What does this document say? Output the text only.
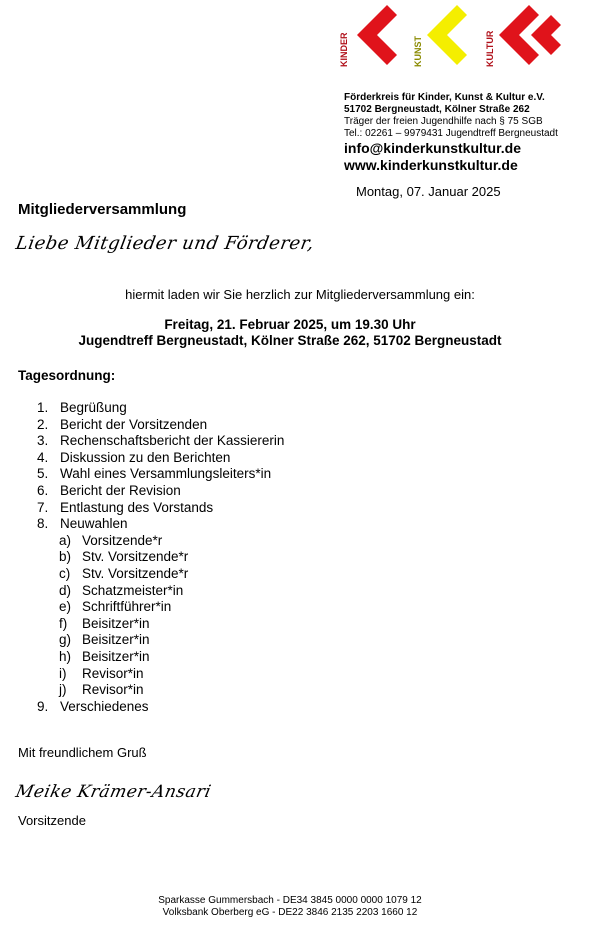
KINDER	KUNST	KULTUR
Förderkreis für Kinder, Kunst & Kultur e.V.
51702 Bergneustadt, Kölner Straße 262
Träger der freien Jugendhilfe nach § 75 SGB
Tel.: 02261 – 9979431 Jugendtreff Bergneustadt
info@kinderkunstkultur.de
www.kinderkunstkultur.de
Montag, 07. Januar 2025
Mitgliederversammlung
Liebe Mitglieder und Förderer,
hiermit laden wir Sie herzlich zur Mitgliederversammlung ein:
Freitag, 21. Februar 2025, um 19.30 Uhr
Jugendtreff Bergneustadt, Kölner Straße 262, 51702 Bergneustadt
Tagesordnung:
1. Begrüßung
2. Bericht der Vorsitzenden
3. Rechenschaftsbericht der Kassiererin
4. Diskussion zu den Berichten
5. Wahl eines Versammlungsleiters*in
6. Bericht der Revision
7. Entlastung des Vorstands
8. Neuwahlen
a) Vorsitzende*r
b) Stv. Vorsitzende*r
c) Stv. Vorsitzende*r
d) Schatzmeister*in
e) Schriftführer*in
f)	Beisitzer*in
g) Beisitzer*in
h) Beisitzer*in
i)	Revisor*in
j)	Revisor*in
9. Verschiedenes
Mit freundlichem Gruß
Meike Krämer-Ansari
Vorsitzende
Sparkasse Gummersbach - DE34 3845 0000 0000 1079 12
Volksbank Oberberg eG - DE22 3846 2135 2203 1660 12
